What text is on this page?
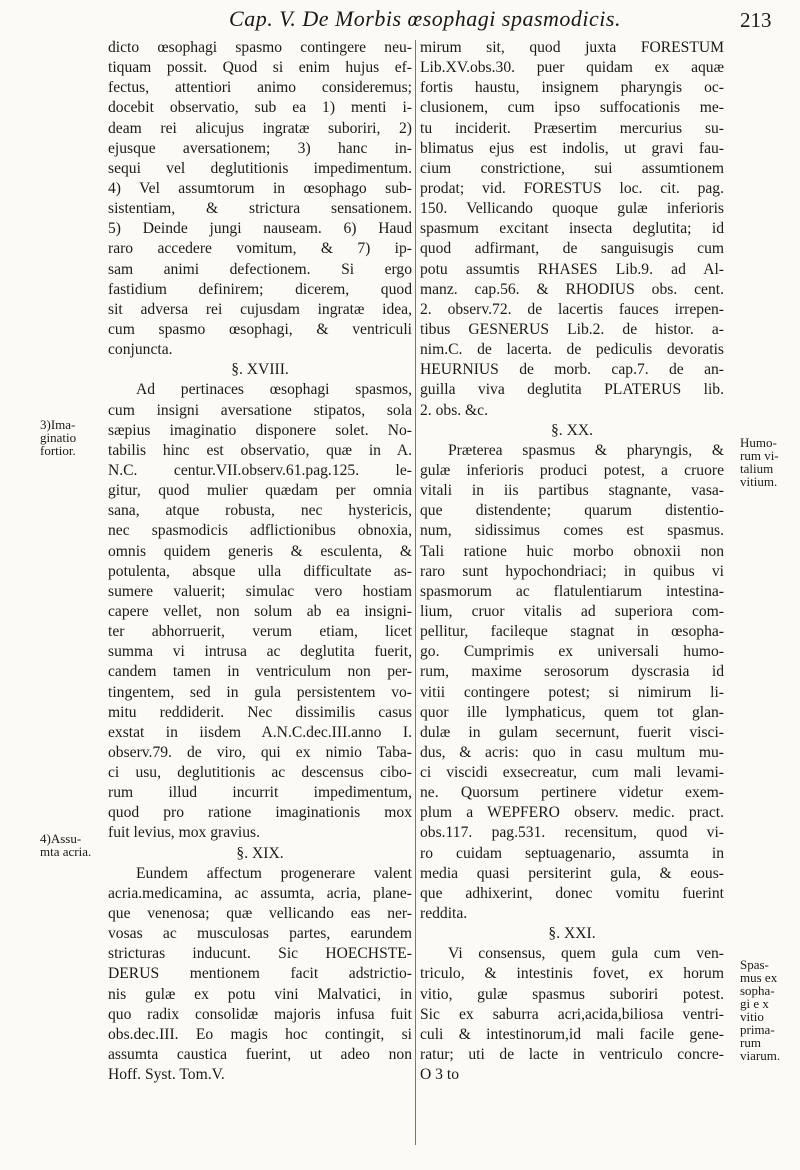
Cap. V. De Morbis œsophagi spasmodicis.	213
dicto œsophagi spasmo contingere neu-
tiquam possit. Quod si enim hujus ef-
fectus, attentiori animo consideremus;
docebit observatio, sub ea 1) menti i-
deam rei alicujus ingratæ suboriri, 2)
ejusque aversationem; 3) hanc in-
sequi vel deglutitionis impedimentum.
4) Vel assumtorum in œsophago sub-
sistentiam, & strictura sensationem.
5) Deinde jungi nauseam. 6) Haud
raro accedere vomitum, & 7) ip-
sam animi defectionem. Si ergo
fastidium definirem; dicerem, quod
sit adversa rei cujusdam ingratæ idea,
cum spasmo œsophagi, & ventriculi
conjuncta.
§. XVIII.
Ad pertinaces œsophagi spasmos,
cum insigni aversatione stipatos, sola
sæpius imaginatio disponere solet. No-
tabilis hinc est observatio, quæ in A.
N.C. centur.VII.observ.61.pag.125. le-
gitur, quod mulier quædam per omnia
sana, atque robusta, nec hystericis,
nec spasmodicis adflictionibus obnoxia,
omnis quidem generis & esculenta, &
potulenta, absque ulla difficultate as-
sumere valuerit; simulac vero hostiam
capere vellet, non solum ab ea insigni-
ter abhorruerit, verum etiam, licet
summa vi intrusa ac deglutita fuerit,
candem tamen in ventriculum non per-
tingentem, sed in gula persistentem vo-
mitu reddiderit. Nec dissimilis casus
exstat in iisdem A.N.C.dec.III.anno I.
observ.79. de viro, qui ex nimio Taba-
ci usu, deglutitionis ac descensus cibo-
rum illud incurrit impedimentum,
quod pro ratione imaginationis mox
fuit levius, mox gravius.
§. XIX.
Eundem affectum progenerare valent
acria.medicamina, ac assumta, acria, plane-
que venenosa; quæ vellicando eas ner-
vosas ac musculosas partes, earundem
stricturas inducunt. Sic HOECHSTE-
DERUS mentionem facit adstrictio-
nis gulæ ex potu vini Malvatici, in
quo radix consolidæ majoris infusa fuit
obs.dec.III. Eo magis hoc contingit, si
assumta caustica fuerint, ut adeo non
Hoff. Syst. Tom.V.
mirum sit, quod juxta FORESTUM
Lib.XV.obs.30. puer quidam ex aquæ
fortis haustu, insignem pharyngis oc-
clusionem, cum ipso suffocationis me-
tu inciderit. Præsertim mercurius su-
blimatus ejus est indolis, ut gravi fau-
cium constrictione, sui assumtionem
prodat; vid. FORESTUS loc. cit. pag.
150. Vellicando quoque gulæ inferioris
spasmum excitant insecta deglutita; id
quod adfirmant, de sanguisugis cum
potu assumtis RHASES Lib.9. ad Al-
manz. cap.56. & RHODIUS obs. cent.
2. observ.72. de lacertis fauces irrepen-
tibus GESNERUS Lib.2. de histor. a-
nim.C. de lacerta. de pediculis devoratis
HEURNIUS de morb. cap.7. de an-
guilla viva deglutita PLATERUS lib.
2. obs. &c.
§. XX.
Præterea spasmus & pharyngis, &
gulæ inferioris produci potest, a cruore
vitali in iis partibus stagnante, vasa-
que distendente; quarum distentio-
num, sidissimus comes est spasmus.
Tali ratione huic morbo obnoxii non
raro sunt hypochondriaci; in quibus vi
spasmorum ac flatulentiarum intestina-
lium, cruor vitalis ad superiora com-
pellitur, facileque stagnat in œsopha-
go. Cumprimis ex universali humo-
rum, maxime serosorum dyscrasia id
vitii contingere potest; si nimirum li-
quor ille lymphaticus, quem tot glan-
dulæ in gulam secernunt, fuerit visci-
dus, & acris: quo in casu multum mu-
ci viscidi exsecreatur, cum mali levami-
ne. Quorsum pertinere videtur exem-
plum a WEPFERO observ. medic. pract.
obs.117. pag.531. recensitum, quod vi-
ro cuidam septuagenario, assumta in
media quasi persiterint gula, & eous-
que adhixerint, donec vomitu fuerint
reddita.
§. XXI.
Vi consensus, quem gula cum ven-
triculo, & intestinis fovet, ex horum
vitio, gulæ spasmus suboriri potest.
Sic ex saburra acri,acida,biliosa ventri-
culi & intestinorum,id mali facile gene-
ratur; uti de lacte in ventriculo concre-
O 3 to
3)Ima-
ginatio
fortior.
4)Assu-
mta acria.
Humo-
rum vi-
talium
vitium.
Spas-
mus ex
sopha-
gi e x
vitio
prima-
rum
viarum.
